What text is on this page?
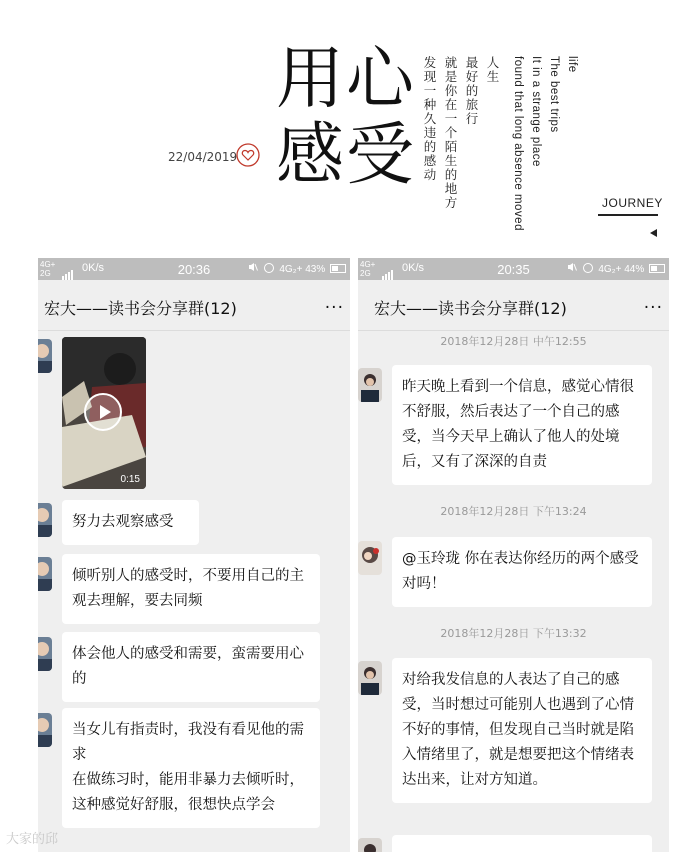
用心
感受
22/04/2019	发现一种久违的感动 就是你在一个陌生的地方 最好的旅行 人生 found that long absence moved It in a strange place The best trips life
JOURNEY
4G+
2G	0K/s	20:36	4G₂+ 43%
宏大——读书会分享群(12)	···
0:15
努力去观察感受
倾听别人的感受时，不要用自己的主观去理解，要去同频
体会他人的感受和需要，蛮需要用心的
当女儿有指责时，我没有看见他的需求
在做练习时，能用非暴力去倾听时，这种感觉好舒服，很想快点学会
4G+
2G	0K/s	20:35	4G₂+ 44%
宏大——读书会分享群(12)	···
2018年12月28日 中午12:55
昨天晚上看到一个信息，感觉心情很不舒服，然后表达了一个自己的感受，当今天早上确认了他人的处境后，又有了深深的自责
2018年12月28日 下午13:24
@玉玲珑 你在表达你经历的两个感受对吗！
2018年12月28日 下午13:32
对给我发信息的人表达了自己的感受，当时想过可能别人也遇到了心情不好的事情，但发现自己当时就是陷入情绪里了，就是想要把这个情绪表达出来，让对方知道。
大家的邱
